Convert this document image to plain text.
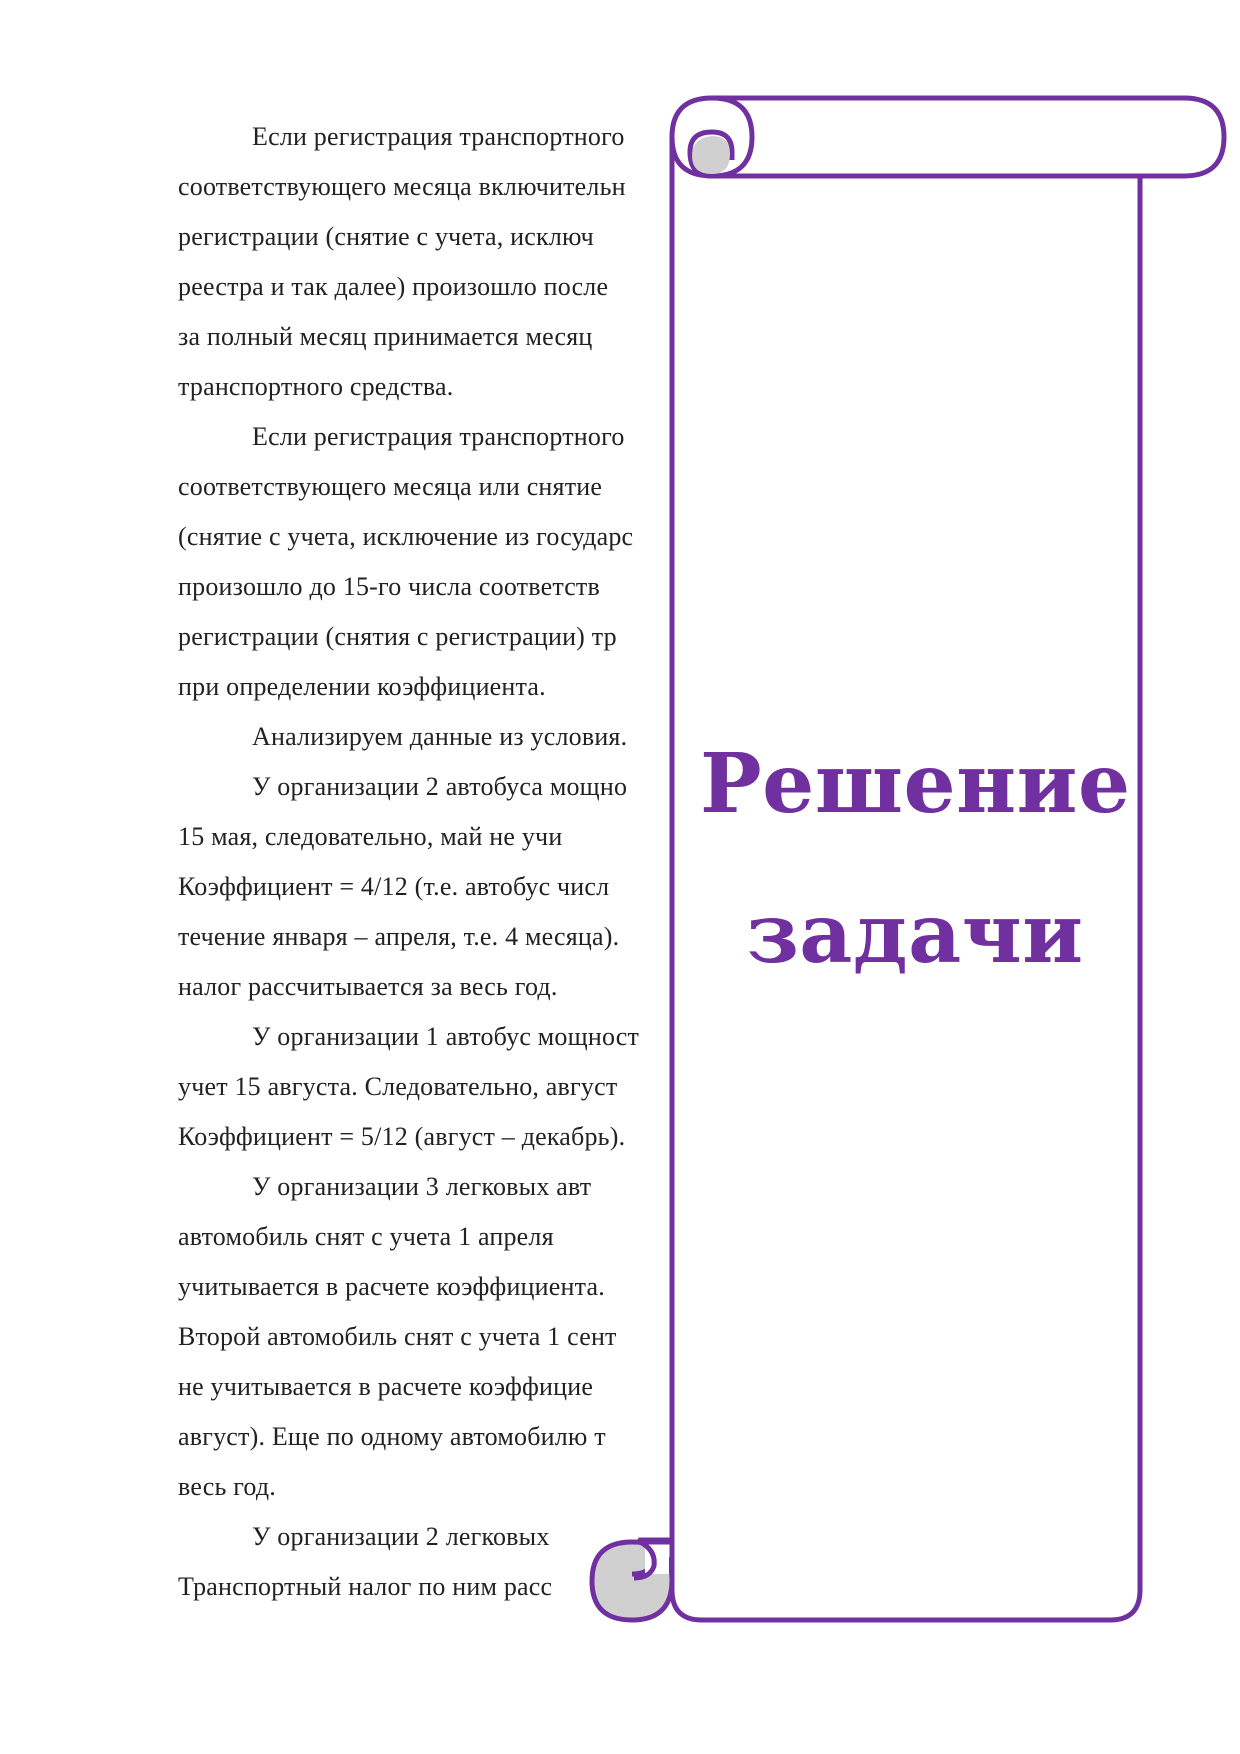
Если регистрация транспортного
соответствующего месяца включительн
регистрации (снятие с учета, исключ
реестра и так далее) произошло после
за полный месяц принимается месяц
транспортного средства.
Если регистрация транспортного
соответствующего месяца или снятие
(снятие с учета, исключение из государс
произошло до 15-го числа соответств
регистрации (снятия с регистрации) тр
при определении коэффициента.
Анализируем данные из условия.
У организации 2 автобуса мощно
15 мая, следовательно, май не учи
Коэффициент = 4/12 (т.е. автобус числ
течение января – апреля, т.е. 4 месяца).
налог рассчитывается за весь год.
У организации 1 автобус мощност
учет 15 августа. Следовательно, август
Коэффициент = 5/12 (август – декабрь).
У организации 3 легковых авт
автомобиль снят с учета 1 апреля
учитывается в расчете коэффициента.
Второй автомобиль снят с учета 1 сент
не учитывается в расчете коэффицие
август). Еще по одному автомобилю т
весь год.
У организации 2 легковых
Транспортный налог по ним расс
Решение
задачи
